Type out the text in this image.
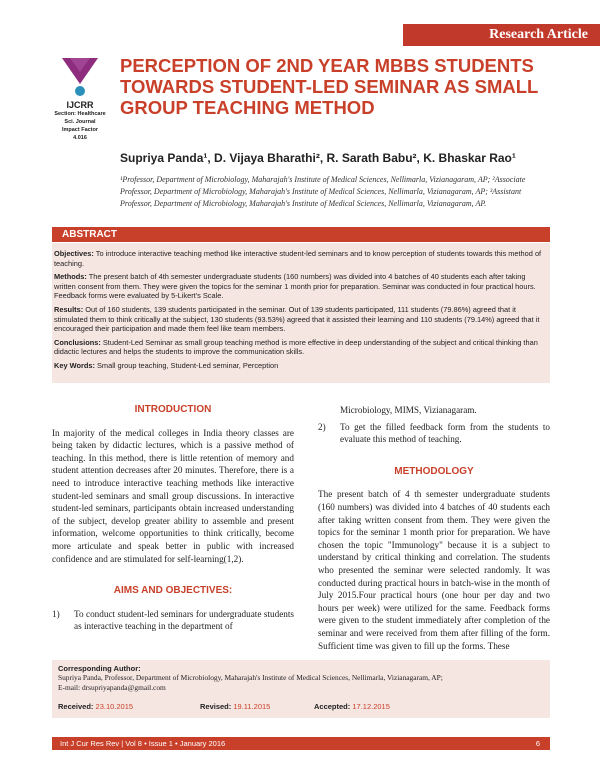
Research Article
IJCRR
Section: Healthcare
Sci. Journal
Impact Factor
4.016
PERCEPTION OF 2ND YEAR MBBS STUDENTS TOWARDS STUDENT-LED SEMINAR AS SMALL GROUP TEACHING METHOD
Supriya Panda¹, D. Vijaya Bharathi², R. Sarath Babu², K. Bhaskar Rao¹
¹Professor, Department of Microbiology, Maharajah's Institute of Medical Sciences, Nellimarla, Vizianagaram, AP; ²Associate Professor, Department of Microbiology, Maharajah's Institute of Medical Sciences, Nellimarla, Vizianagaram, AP; ³Assistant Professor, Department of Microbiology, Maharajah's Institute of Medical Sciences, Nellimarla, Vizianagaram, AP.
ABSTRACT

Objectives: To introduce interactive teaching method like interactive student-led seminars and to know perception of students towards this method of teaching.

Methods: The present batch of 4th semester undergraduate students (160 numbers) was divided into 4 batches of 40 students each after taking written consent from them. They were given the topics for the seminar 1 month prior for preparation. Seminar was conducted in four practical hours. Feedback forms were evaluated by 5-Likert's Scale.

Results: Out of 160 students, 139 students participated in the seminar. Out of 139 students participated, 111 students (79.86%) agreed that it stimulated them to think critically at the subject, 130 students (93.53%) agreed that it assisted their learning and 110 students (79.14%) agreed that it encouraged their participation and made them feel like team members.

Conclusions: Student-Led Seminar as small group teaching method is more effective in deep understanding of the subject and critical thinking than didactic lectures and helps the students to improve the communication skills.

Key Words: Small group teaching, Student-Led seminar, Perception

INTRODUCTION

In majority of the medical colleges in India theory classes are being taken by didactic lectures, which is a passive method of teaching. In this method, there is little retention of memory and student attention decreases after 20 minutes. Therefore, there is a need to introduce interactive teaching methods like interactive student-led seminars and small group discussions. In interactive student-led seminars, participants obtain increased understanding of the subject, develop greater ability to assemble and present information, welcome opportunities to think critically, become more articulate and speak better in public with increased confidence and are stimulated for self-learning(1,2).

AIMS AND OBJECTIVES:
1)	To conduct student-led seminars for undergraduate students as interactive teaching in the department of
Microbiology, MIMS, Vizianagaram.
2)	To get the filled feedback form from the students to evaluate this method of teaching.
METHODOLOGY

The present batch of 4 th semester undergraduate students (160 numbers) was divided into 4 batches of 40 students each after taking written consent from them. They were given the topics for the seminar 1 month prior for preparation. We have chosen the topic "Immunology" because it is a subject to understand by critical thinking and correlation. The students who presented the seminar were selected randomly. It was conducted during practical hours in batch-wise in the month of July 2015.Four practical hours (one hour per day and two hours per week) were utilized for the same. Feedback forms were given to the student immediately after completion of the seminar and were received from them after filling of the form. Sufficient time was given to fill up the forms. These

Corresponding Author:
Supriya Panda, Professor, Department of Microbiology, Maharajah's Institute of Medical Sciences, Nellimarla, Vizianagaram, AP;
E-mail: drsupriyapanda@gmail.com
Received: 23.10.2015	Revised: 19.11.2015	Accepted: 17.12.2015
Int J Cur Res Rev | Vol 8 • Issue 1 • January 2016	6
